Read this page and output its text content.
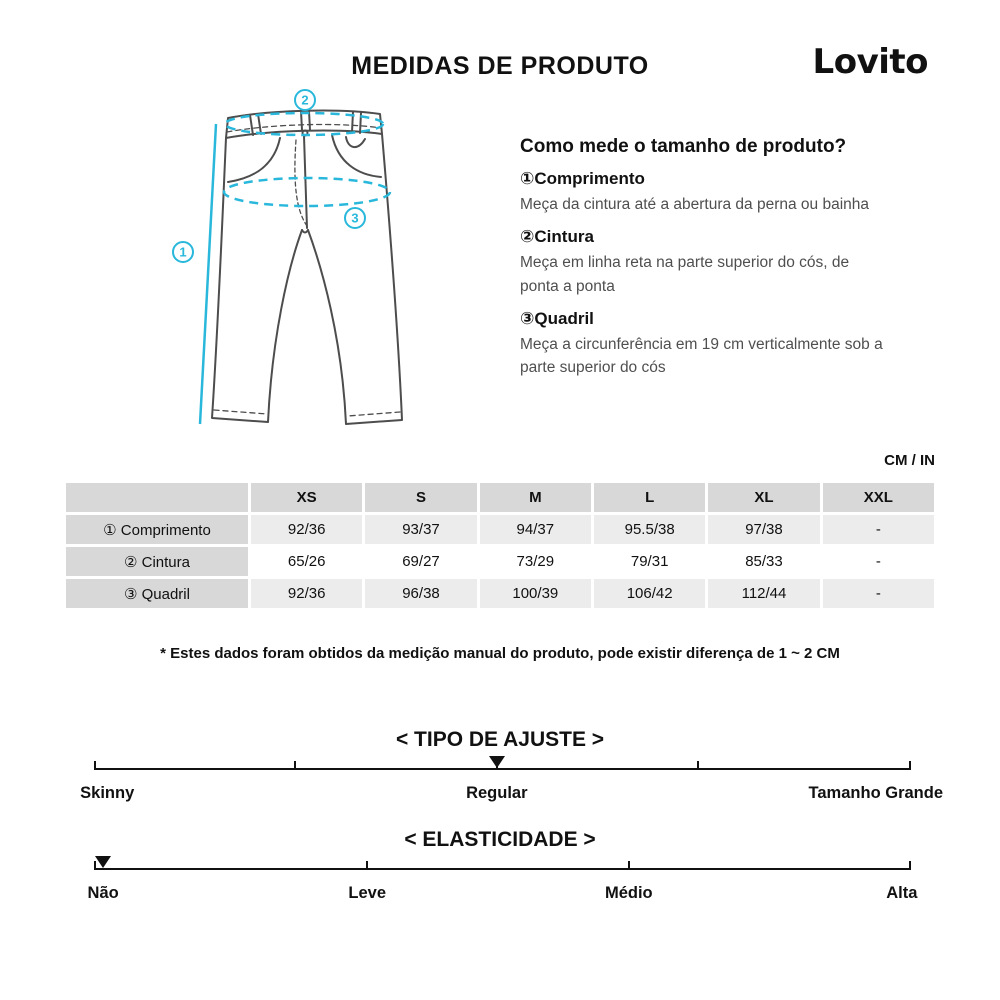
MEDIDAS DE PRODUTO	Lovito
1
2
3
Como mede o tamanho de produto?
①Comprimento
Meça da cintura até a abertura da perna ou bainha
②Cintura
Meça em linha reta na parte superior do cós, de ponta a ponta
③Quadril
Meça a circunferência em 19 cm verticalmente sob a parte superior do cós
CM / IN
	XS	S	M	L	XL	XXL
① Comprimento	92/36	93/37	94/37	95.5/38	97/38	-
② Cintura	65/26	69/27	73/29	79/31	85/33	-
③ Quadril	92/36	96/38	100/39	106/42	112/44	-
* Estes dados foram obtidos da medição manual do produto, pode existir diferença de 1 ~ 2 CM
< TIPO DE AJUSTE >
Skinny	Regular	Tamanho Grande
< ELASTICIDADE >
Não	Leve	Médio	Alta
